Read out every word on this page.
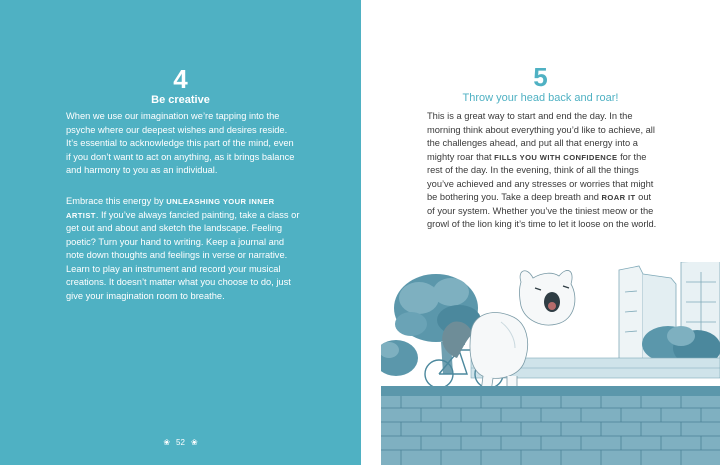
4
Be creative
When we use our imagination we’re tapping into the psyche where our deepest wishes and desires reside. It’s essential to acknowledge this part of the mind, even if you don’t want to act on anything, as it brings balance and harmony to you as an individual.
Embrace this energy by UNLEASHING YOUR INNER ARTIST. If you’ve always fancied painting, take a class or get out and about and sketch the landscape. Feeling poetic? Turn your hand to writing. Keep a journal and note down thoughts and feelings in verse or narrative. Learn to play an instrument and record your musical creations. It doesn’t matter what you choose to do, just give your imagination room to breathe.
❀ 52 ❀
5
Throw your head back and roar!
This is a great way to start and end the day. In the morning think about everything you’d like to achieve, all the challenges ahead, and put all that energy into a mighty roar that FILLS YOU WITH CONFIDENCE for the rest of the day. In the evening, think of all the things you’ve achieved and any stresses or worries that might be bothering you. Take a deep breath and ROAR IT out of your system. Whether you’ve the tiniest meow or the growl of the lion king it’s time to let it loose on the world.
